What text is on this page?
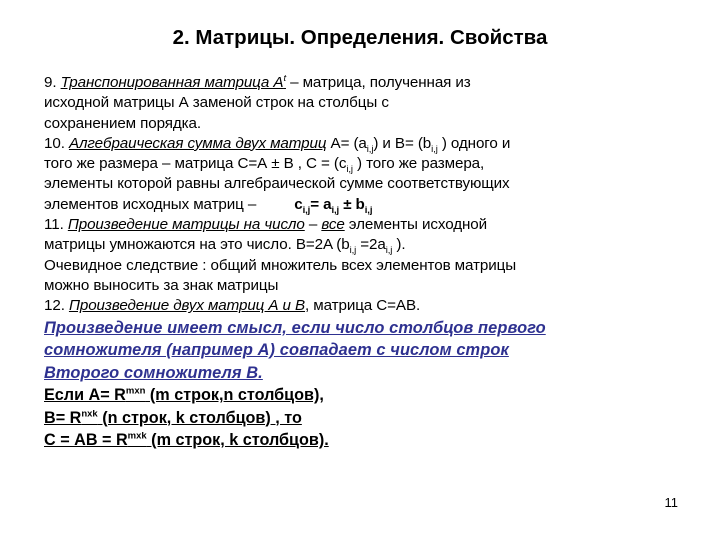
2. Матрицы. Определения. Свойства
9. Транспонированная матрица $A^t$ – матрица, полученная из
исходной матрицы А заменой строк на столбцы с
сохранением порядка.
10. Алгебраическая сумма двух матриц $А= (a_{i,j})$ и $В= (b_{i,j}$ ) одного и
того же размера – матрица С=А ± В , $С = (c_{i,j}$ ) того же размера,
элементы которой равны алгебраической сумме соответствующих
элементов исходных матриц –	$c_{i,j}= a_{i,j} \pm b_{i,j}$
11. Произведение матрицы на число – все элементы исходной
матрицы умножаются на это число. B=2A ($b_{i,j} =2a_{i,j}$ ).
Очевидное следствие : общий множитель всех элементов матрицы
можно выносить за знак матрицы
12. Произведение двух матриц А и В, матрица С=АВ.
Произведение имеет смысл, если число столбцов первого
сомножителя (например А) совпадает с числом строк
Второго сомножителя В.
Если $А= R^{mxn}$ (m строк,n столбцов),
$В= R^{nxk}$ (n строк, k столбцов) , то
С = АВ = $R^{mxk}$ (m строк, k столбцов).
11
